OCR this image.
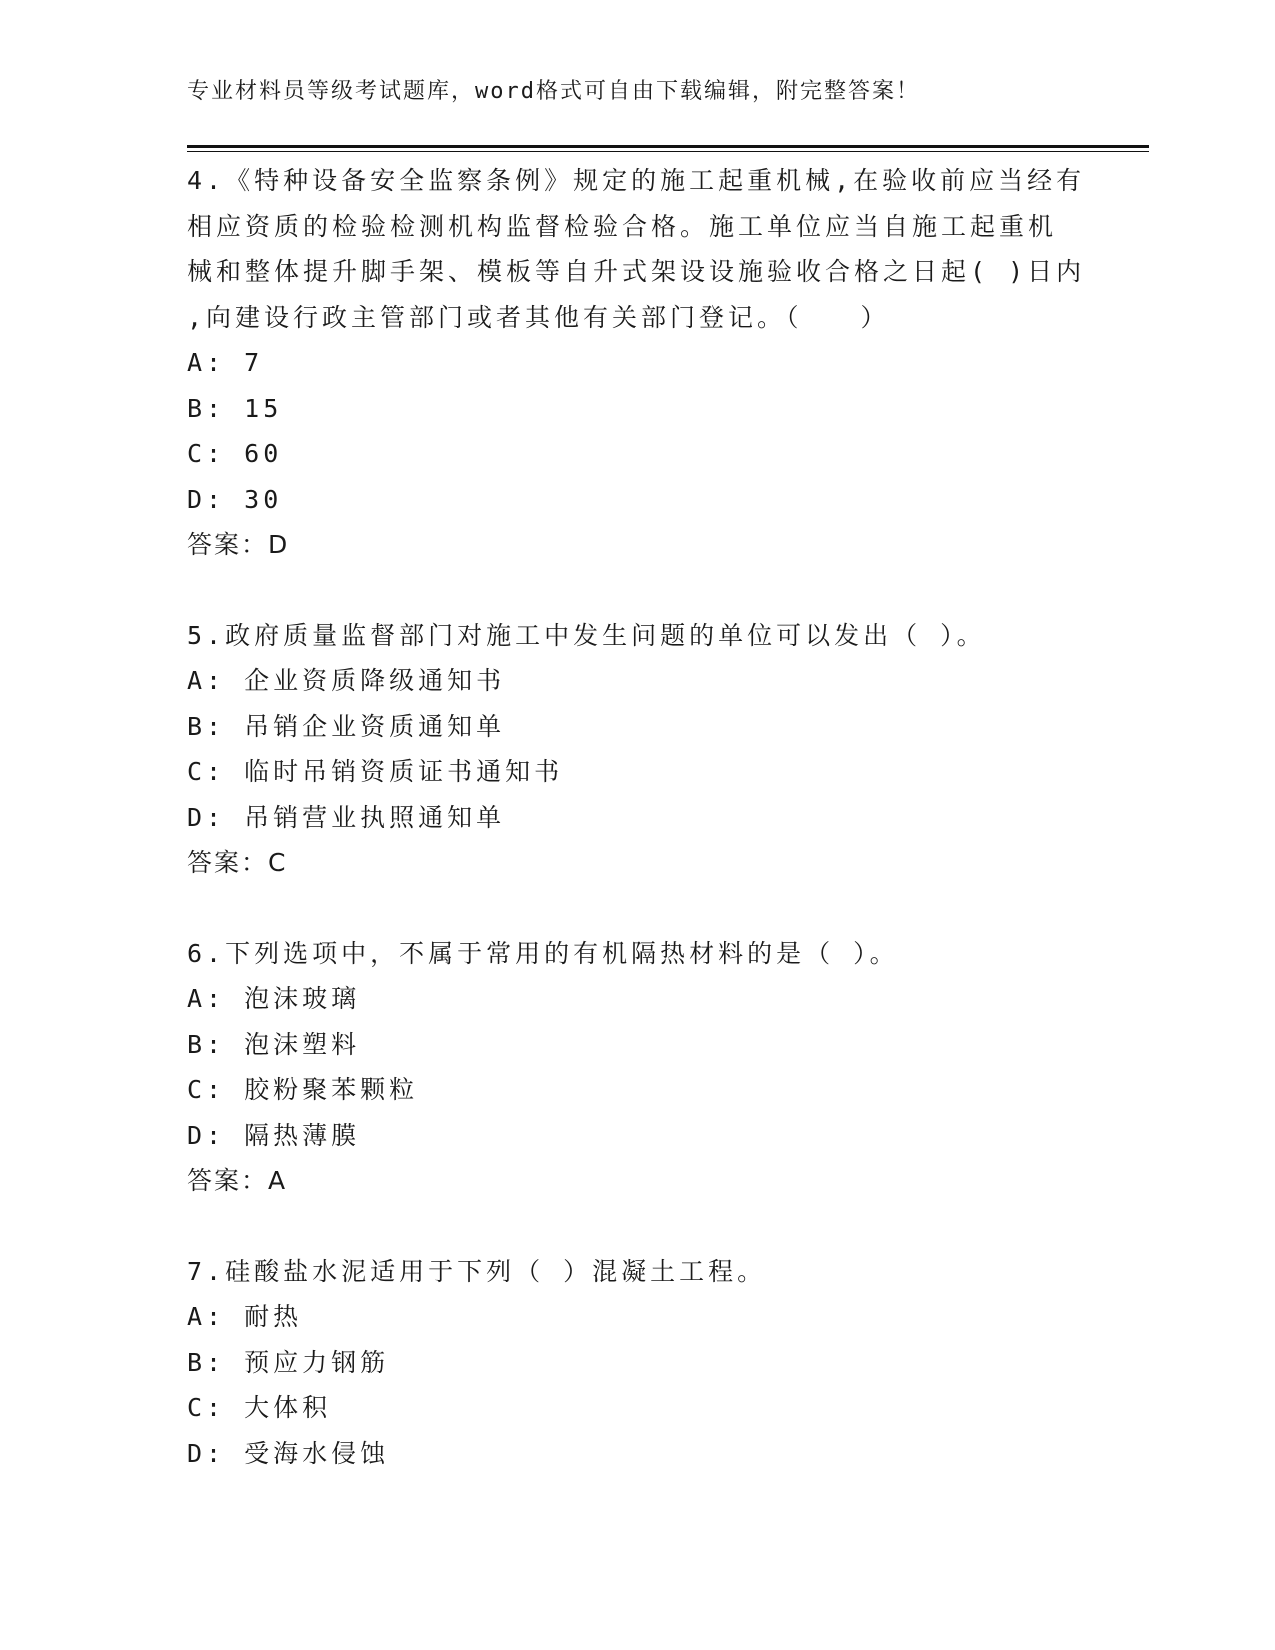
专业材料员等级考试题库，word格式可自由下载编辑，附完整答案！
4.《特种设备安全监察条例》规定的施工起重机械,在验收前应当经有
相应资质的检验检测机构监督检验合格。施工单位应当自施工起重机
械和整体提升脚手架、模板等自升式架设设施验收合格之日起( )日内
,向建设行政主管部门或者其他有关部门登记。（　　）
A: 7
B: 15
C: 60
D: 30
答案：D
5.政府质量监督部门对施工中发生问题的单位可以发出（ ）。
A: 企业资质降级通知书
B: 吊销企业资质通知单
C: 临时吊销资质证书通知书
D: 吊销营业执照通知单
答案：C
6.下列选项中，不属于常用的有机隔热材料的是（ ）。
A: 泡沫玻璃
B: 泡沫塑料
C: 胶粉聚苯颗粒
D: 隔热薄膜
答案：A
7.硅酸盐水泥适用于下列（ ）混凝土工程。
A: 耐热
B: 预应力钢筋
C: 大体积
D: 受海水侵蚀
